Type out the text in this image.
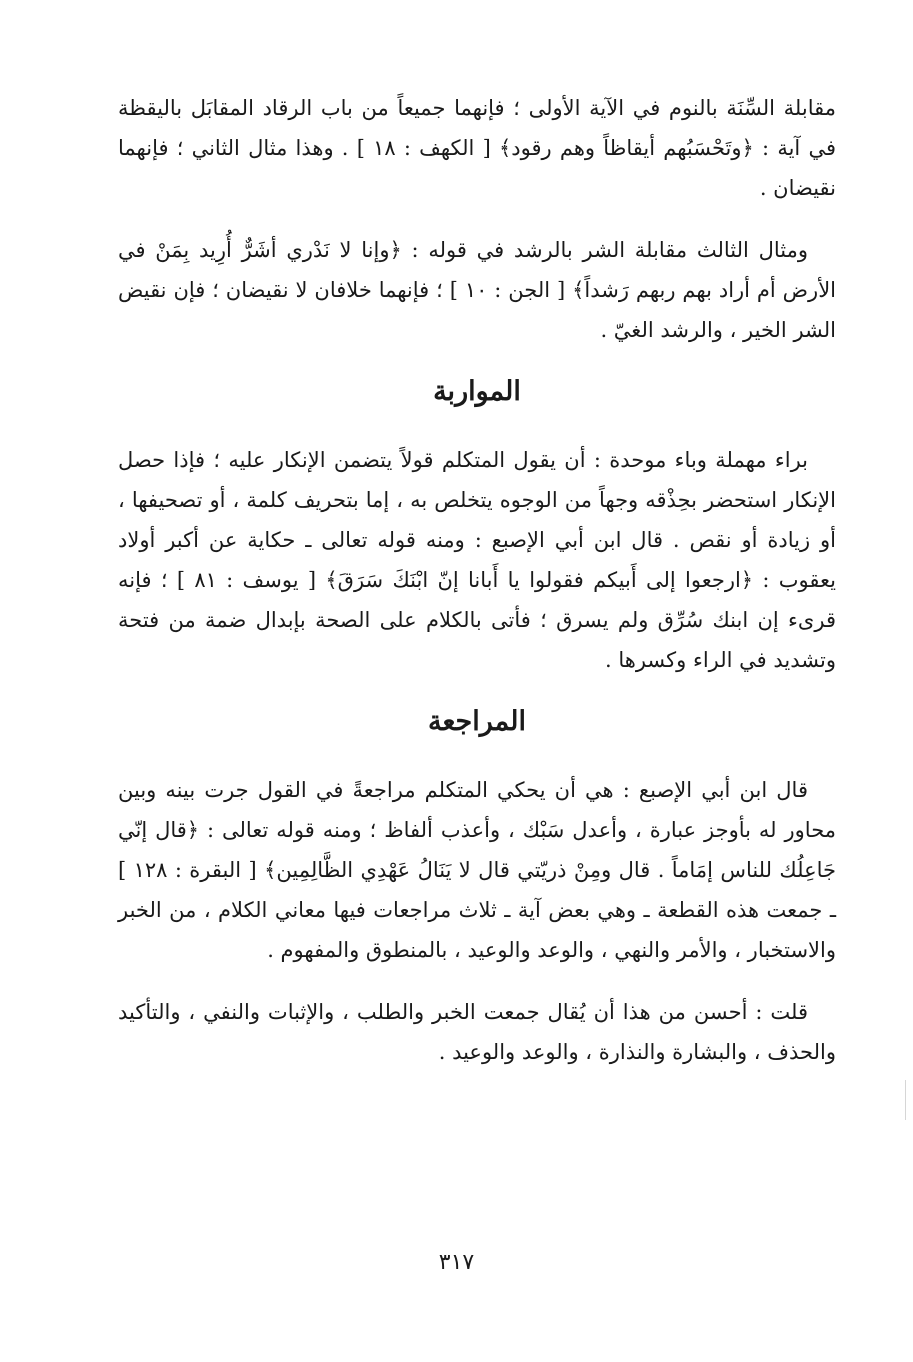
مقابلة السِّنَة بالنوم في الآية الأولى ؛ فإنهما جميعاً من باب الرقاد المقابَل باليقظة في آية : ﴿وتَحْسَبُهم أيقاظاً وهم رقود﴾ [ الكهف : ١٨ ] . وهذا مثال الثاني ؛ فإنهما نقيضان .

ومثال الثالث مقابلة الشر بالرشد في قوله : ﴿وإنا لا نَدْري أشَرٌّ أُرِيد بِمَنْ في الأرض أم أراد بهم ربهم رَشداً﴾ [ الجن : ١٠ ] ؛ فإنهما خلافان لا نقيضان ؛ فإن نقيض الشر الخير ، والرشد الغيّ .

المواربة

براء مهملة وباء موحدة : أن يقول المتكلم قولاً يتضمن الإنكار عليه ؛ فإذا حصل الإنكار استحضر بحِذْقه وجهاً من الوجوه يتخلص به ، إما بتحريف كلمة ، أو تصحيفها ، أو زيادة أو نقص . قال ابن أبي الإصبع : ومنه قوله تعالى ـ حكاية عن أكبر أولاد يعقوب : ﴿ارجعوا إلى أَبيكم فقولوا يا أَبانا إنّ ابْنَكَ سَرَقَ﴾ [ يوسف : ٨١ ] ؛ فإنه قرىء إن ابنك سُرِّق ولم يسرق ؛ فأتى بالكلام على الصحة بإبدال ضمة من فتحة وتشديد في الراء وكسرها .

المراجعة

قال ابن أبي الإصبع : هي أن يحكي المتكلم مراجعةً في القول جرت بينه وبين محاور له بأوجز عبارة ، وأعدل سَبْك ، وأعذب ألفاظ ؛ ومنه قوله تعالى : ﴿قال إنّي جَاعِلُك للناس إمَاماً . قال ومِنْ ذريّتي قال لا يَنَالُ عَهْدِي الظَّالِمِين﴾ [ البقرة : ١٢٨ ] ـ جمعت هذه القطعة ـ وهي بعض آية ـ ثلاث مراجعات فيها معاني الكلام ، من الخبر والاستخبار ، والأمر والنهي ، والوعد والوعيد ، بالمنطوق والمفهوم .

قلت : أحسن من هذا أن يُقال جمعت الخبر والطلب ، والإثبات والنفي ، والتأكيد والحذف ، والبشارة والنذارة ، والوعد والوعيد .

٣١٧
